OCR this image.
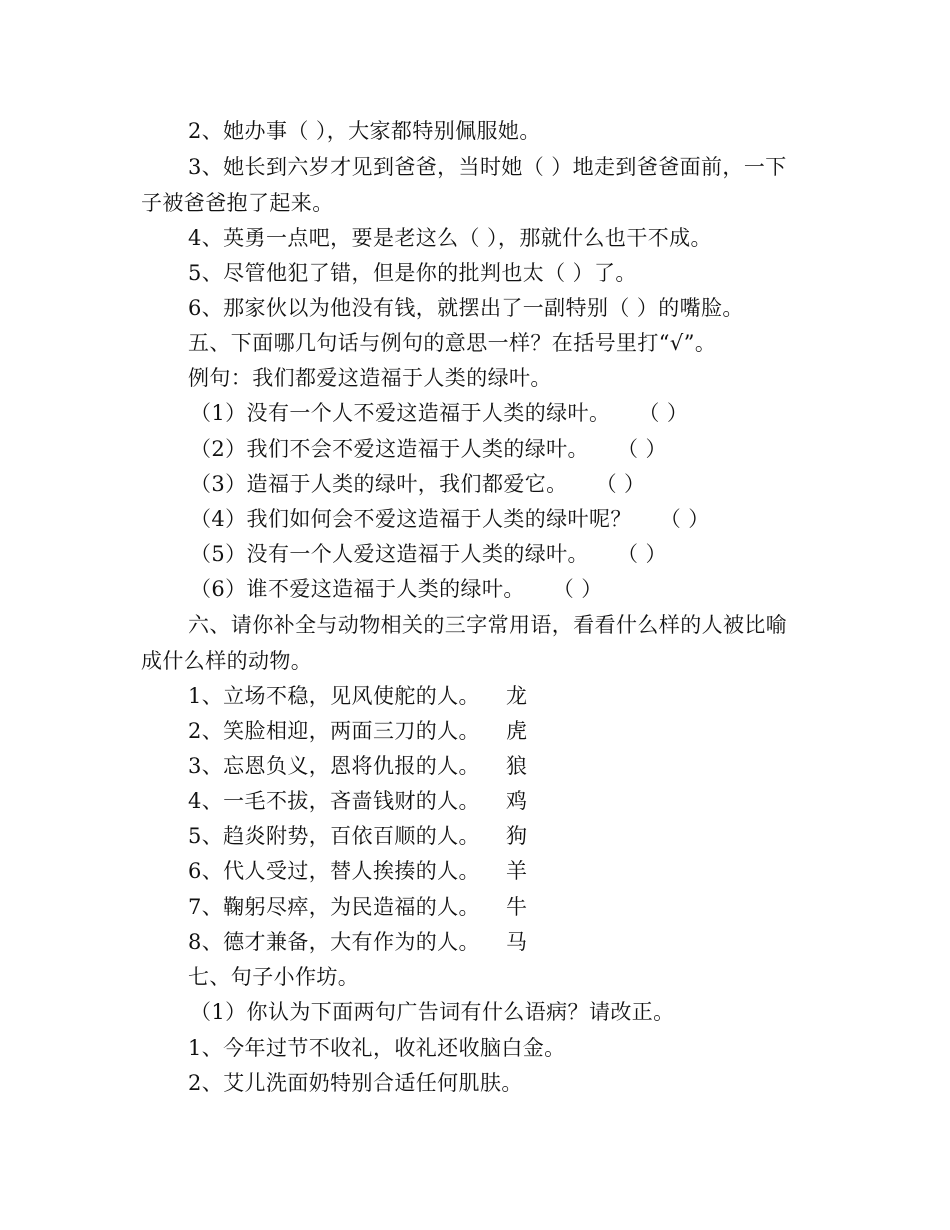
2、她办事（ ），大家都特别佩服她。
3、她长到六岁才见到爸爸，当时她（ ）地走到爸爸面前，一下
子被爸爸抱了起来。
4、英勇一点吧，要是老这么（ ），那就什么也干不成。
5、尽管他犯了错，但是你的批判也太（ ）了。
6、那家伙以为他没有钱，就摆出了一副特别（ ）的嘴脸。
五、下面哪几句话与例句的意思一样？在括号里打“√”。
例句：我们都爱这造福于人类的绿叶。
（1）没有一个人不爱这造福于人类的绿叶。 （ ）
（2）我们不会不爱这造福于人类的绿叶。 （ ）
（3）造福于人类的绿叶，我们都爱它。 （ ）
（4）我们如何会不爱这造福于人类的绿叶呢？ （ ）
（5）没有一个人爱这造福于人类的绿叶。 （ ）
（6）谁不爱这造福于人类的绿叶。 （ ）
六、请你补全与动物相关的三字常用语，看看什么样的人被比喻
成什么样的动物。
1、立场不稳，见风使舵的人。 龙
2、笑脸相迎，两面三刀的人。 虎
3、忘恩负义，恩将仇报的人。 狼
4、一毛不拔，吝啬钱财的人。 鸡
5、趋炎附势，百依百顺的人。 狗
6、代人受过，替人挨揍的人。 羊
7、鞠躬尽瘁，为民造福的人。 牛
8、德才兼备，大有作为的人。 马
七、句子小作坊。
（1）你认为下面两句广告词有什么语病？请改正。
1、今年过节不收礼，收礼还收脑白金。
2、艾儿洗面奶特别合适任何肌肤。
